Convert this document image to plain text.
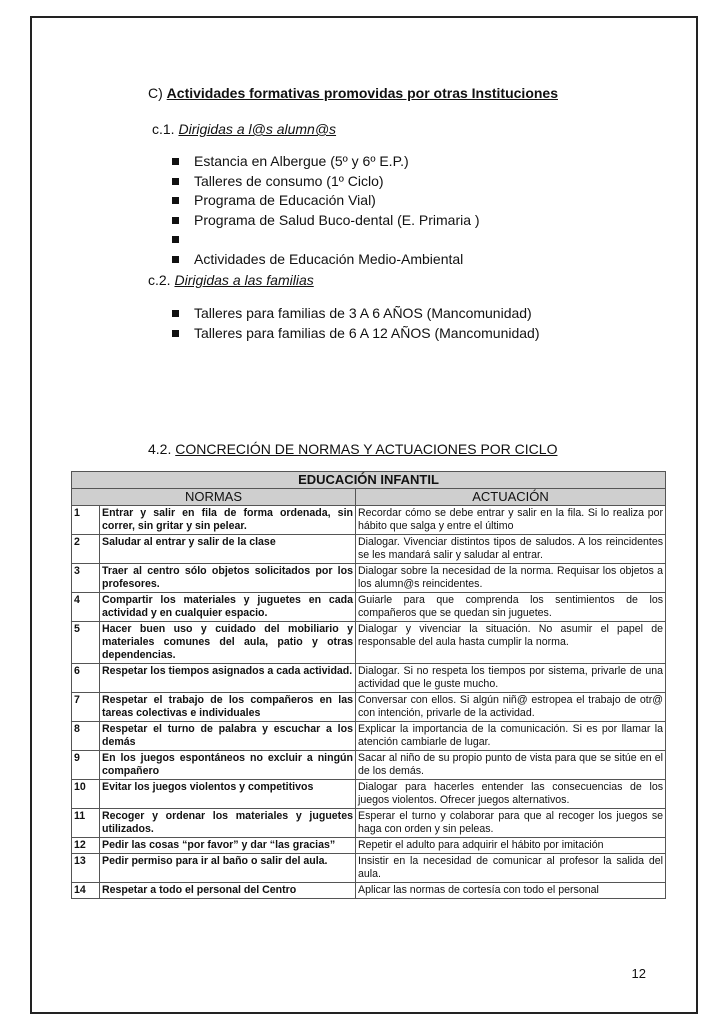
C) Actividades formativas promovidas por otras Instituciones
c.1. Dirigidas a l@s alumn@s
Estancia en Albergue (5º y 6º E.P.)
Talleres de consumo (1º Ciclo)
Programa de Educación Vial)
Programa de Salud Buco-dental (E. Primaria )
Actividades de Educación Medio-Ambiental
c.2. Dirigidas a las familias
Talleres para familias de 3 A 6 AÑOS (Mancomunidad)
Talleres para familias de 6 A 12 AÑOS (Mancomunidad)
4.2. CONCRECIÓN DE NORMAS Y ACTUACIONES POR CICLO
EDUCACIÓN INFANTIL		
NORMAS		ACTUACIÓN
1	Entrar y salir en fila de forma ordenada, sin correr, sin gritar y sin pelear.	Recordar cómo se debe entrar y salir en la fila. Si lo realiza por hábito que salga y entre el último
2	Saludar al entrar y salir de la clase	Dialogar. Vivenciar distintos tipos de saludos. A los reincidentes se les mandará salir y saludar al entrar.
3	Traer al centro sólo objetos solicitados por los profesores.	Dialogar sobre la necesidad de la norma. Requisar los objetos a los alumn@s reincidentes.
4	Compartir los materiales y juguetes en cada actividad y en cualquier espacio.	Guiarle para que comprenda los sentimientos de los compañeros que se quedan sin juguetes.
5	Hacer buen uso y cuidado del mobiliario y materiales comunes del aula, patio y otras dependencias.	Dialogar y vivenciar la situación. No asumir el papel de responsable del aula hasta cumplir la norma.
6	Respetar los tiempos asignados a cada actividad.	Dialogar. Si no respeta los tiempos por sistema, privarle de una actividad que le guste mucho.
7	Respetar el trabajo de los compañeros en las tareas colectivas e individuales	Conversar con ellos. Si algún niñ@ estropea el trabajo de otr@ con intención, privarle de la actividad.
8	Respetar el turno de palabra y escuchar a los demás	Explicar la importancia de la comunicación. Si es por llamar la atención cambiarle de lugar.
9	En los juegos espontáneos no excluir a ningún compañero	Sacar al niño de su propio punto de vista para que se sitúe en el de los demás.
10	Evitar los juegos violentos y competitivos	Dialogar para hacerles entender las consecuencias de los juegos violentos. Ofrecer juegos alternativos.
11	Recoger y ordenar los materiales y juguetes utilizados.	Esperar el turno y colaborar para que al recoger los juegos se haga con orden y sin peleas.
12	Pedir las cosas “por favor” y dar “las gracias”	Repetir el adulto para adquirir el hábito por imitación
13	Pedir permiso para ir al baño o salir del aula.	Insistir en la necesidad de comunicar al profesor la salida del aula.
14	Respetar a todo el personal del Centro	Aplicar las normas de cortesía con todo el personal
12
